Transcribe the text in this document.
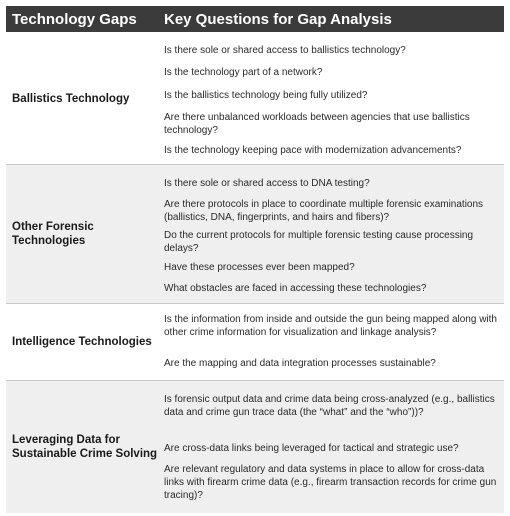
Technology Gaps	Key Questions for Gap Analysis
Ballistics Technology
Is there sole or shared access to ballistics technology?
Is the technology part of a network?
Is the ballistics technology being fully utilized?
Are there unbalanced workloads between agencies that use ballistics technology?
Is the technology keeping pace with modernization advancements?
Other Forensic Technologies
Is there sole or shared access to DNA testing?
Are there protocols in place to coordinate multiple forensic examinations (ballistics, DNA, fingerprints, and hairs and fibers)?
Do the current protocols for multiple forensic testing cause processing delays?
Have these processes ever been mapped?
What obstacles are faced in accessing these technologies?
Intelligence Technologies
Is the information from inside and outside the gun being mapped along with other crime information for visualization and linkage analysis?
Are the mapping and data integration processes sustainable?
Leveraging Data for Sustainable Crime Solving
Is forensic output data and crime data being cross-analyzed (e.g., ballistics data and crime gun trace data (the “what” and the “who”))?
Are cross-data links being leveraged for tactical and strategic use?
Are relevant regulatory and data systems in place to allow for cross-data links with firearm crime data (e.g., firearm transaction records for crime gun tracing)?
